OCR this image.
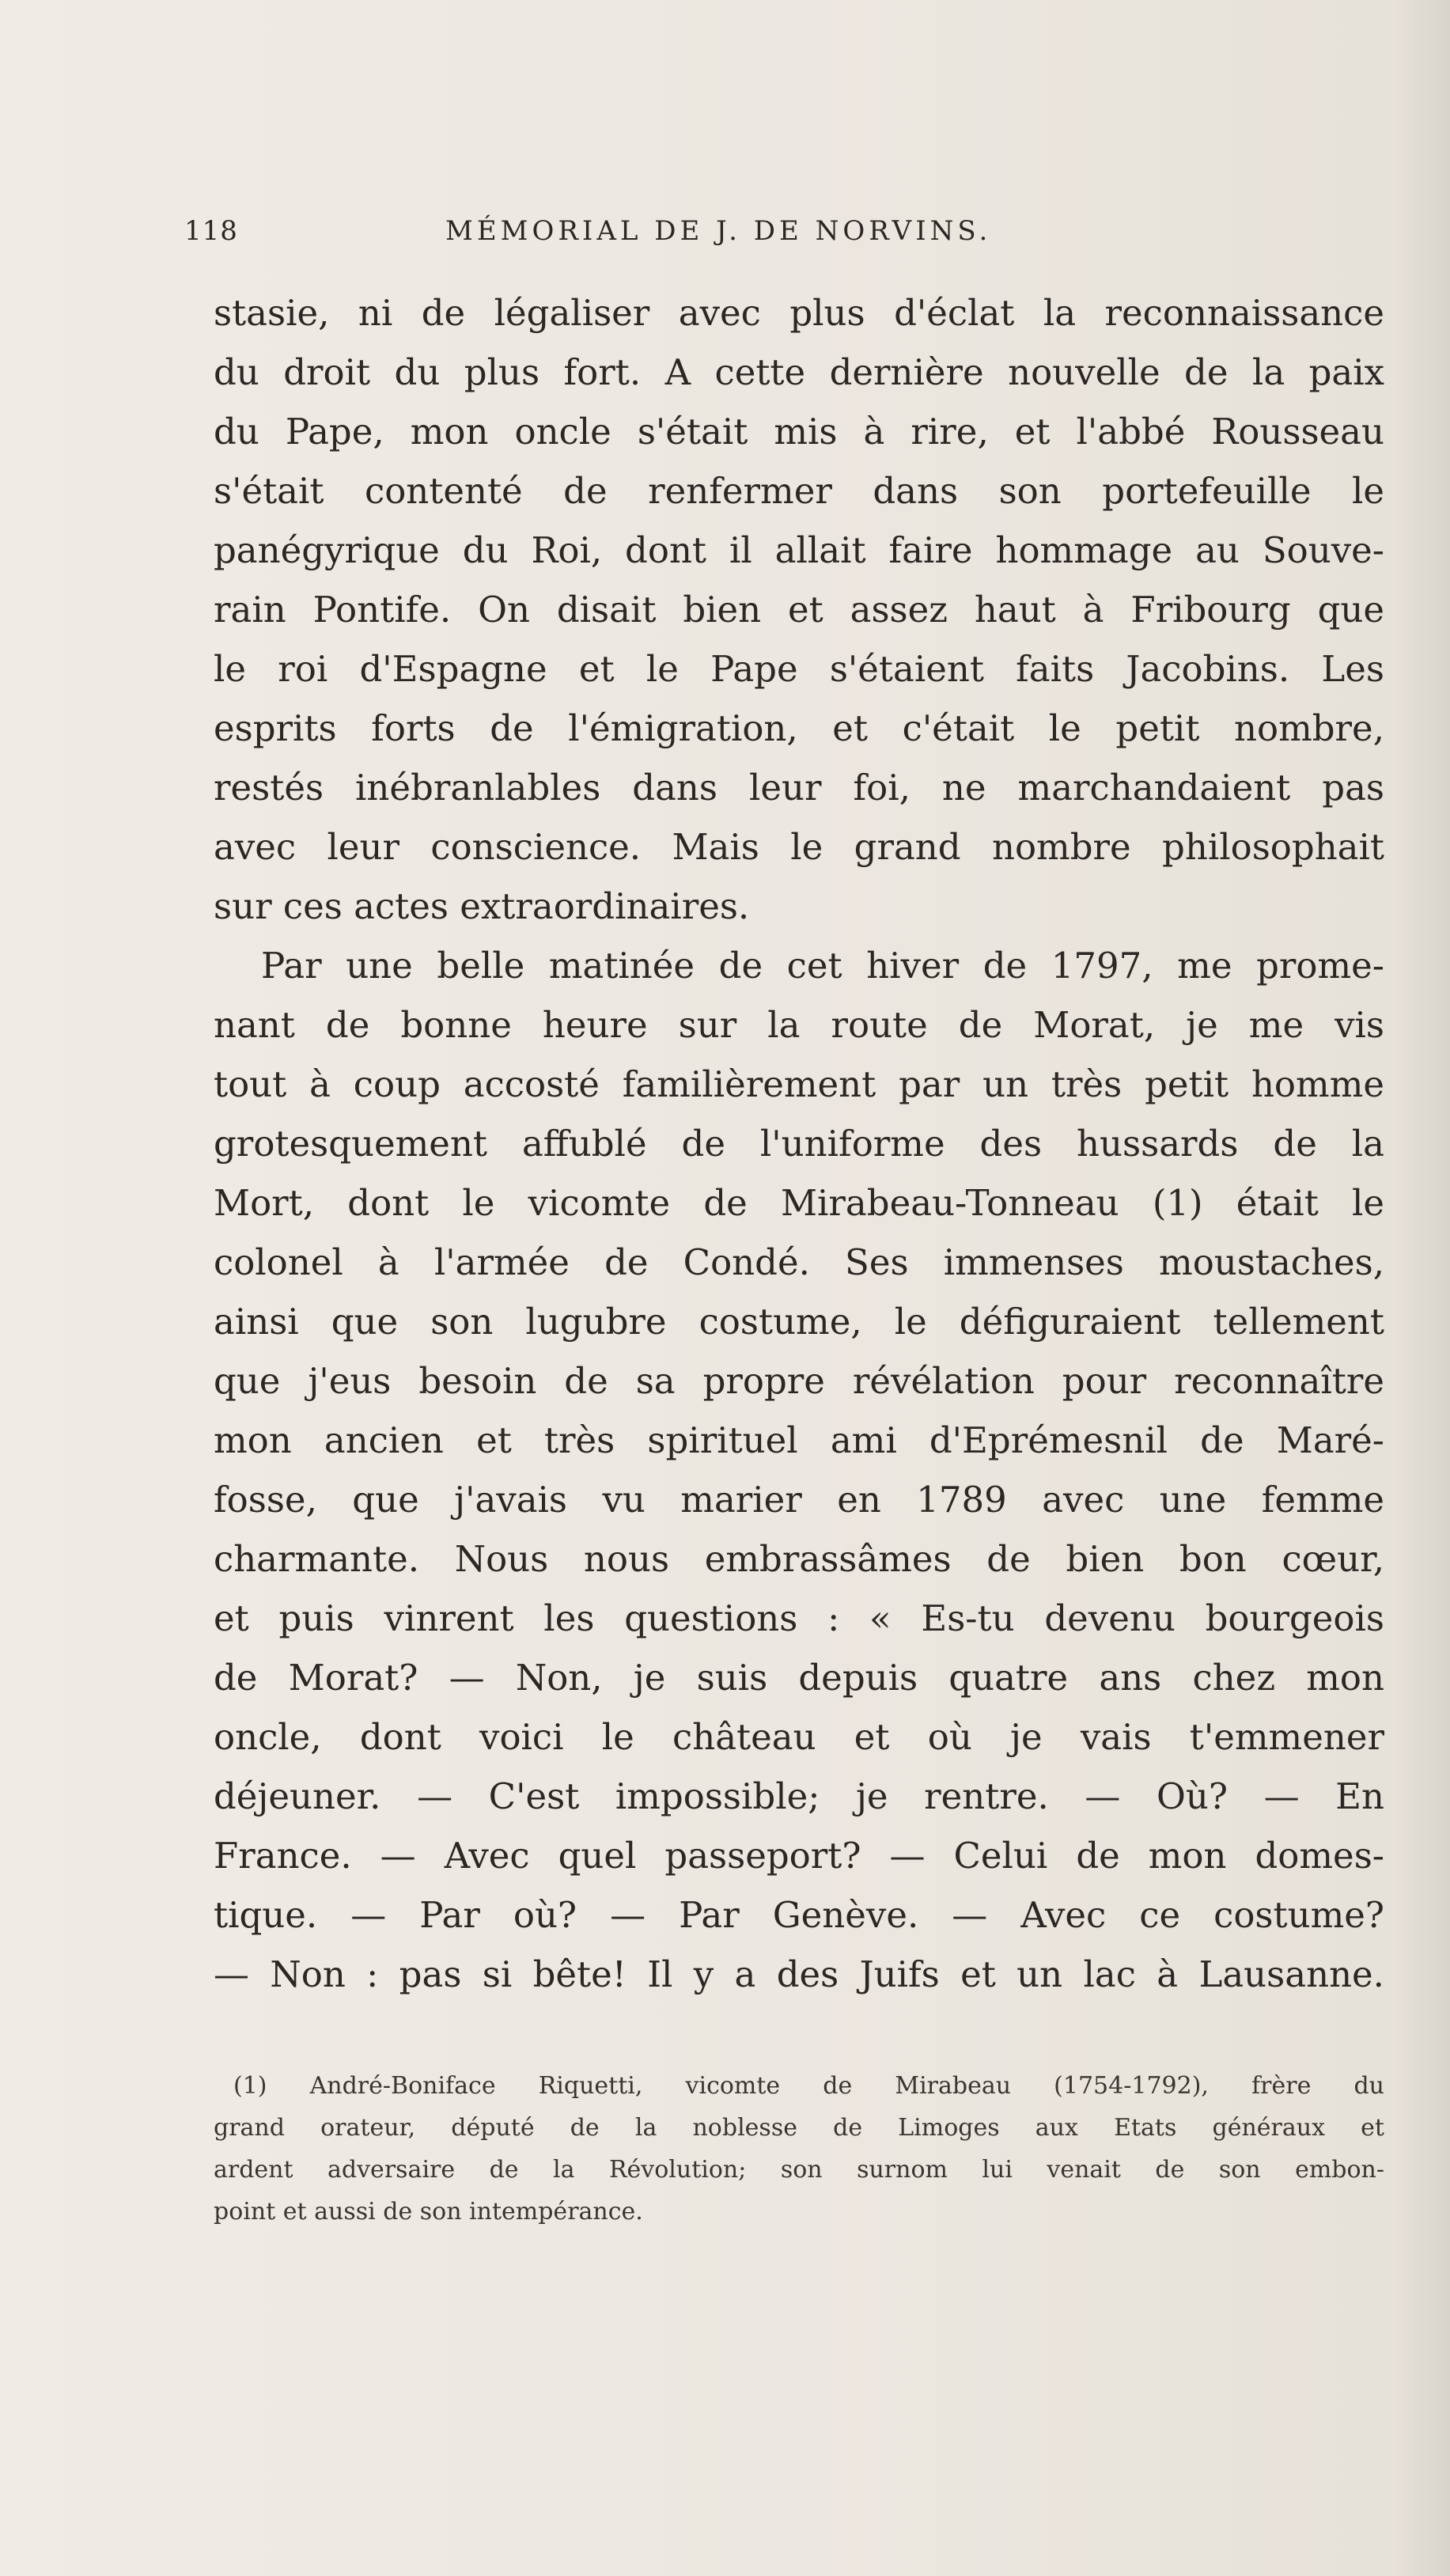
118	MÉMORIAL DE J. DE NORVINS.
stasie, ni de légaliser avec plus d'éclat la reconnaissance
du droit du plus fort. A cette dernière nouvelle de la paix
du Pape, mon oncle s'était mis à rire, et l'abbé Rousseau
s'était contenté de renfermer dans son portefeuille le
panégyrique du Roi, dont il allait faire hommage au Souve-
rain Pontife. On disait bien et assez haut à Fribourg que
le roi d'Espagne et le Pape s'étaient faits Jacobins. Les
esprits forts de l'émigration, et c'était le petit nombre,
restés inébranlables dans leur foi, ne marchandaient pas
avec leur conscience. Mais le grand nombre philosophait
sur ces actes extraordinaires.
Par une belle matinée de cet hiver de 1797, me prome-
nant de bonne heure sur la route de Morat, je me vis
tout à coup accosté familièrement par un très petit homme
grotesquement affublé de l'uniforme des hussards de la
Mort, dont le vicomte de Mirabeau-Tonneau (1) était le
colonel à l'armée de Condé. Ses immenses moustaches,
ainsi que son lugubre costume, le défiguraient tellement
que j'eus besoin de sa propre révélation pour reconnaître
mon ancien et très spirituel ami d'Eprémesnil de Maré-
fosse, que j'avais vu marier en 1789 avec une femme
charmante. Nous nous embrassâmes de bien bon cœur,
et puis vinrent les questions : « Es-tu devenu bourgeois
de Morat? — Non, je suis depuis quatre ans chez mon
oncle, dont voici le château et où je vais t'emmener
déjeuner. — C'est impossible; je rentre. — Où? — En
France. — Avec quel passeport? — Celui de mon domes-
tique. — Par où? — Par Genève. — Avec ce costume?
— Non : pas si bête! Il y a des Juifs et un lac à Lausanne.
(1) André-Boniface Riquetti, vicomte de Mirabeau (1754-1792), frère du
grand orateur, député de la noblesse de Limoges aux Etats généraux et
ardent adversaire de la Révolution; son surnom lui venait de son embon-
point et aussi de son intempérance.
